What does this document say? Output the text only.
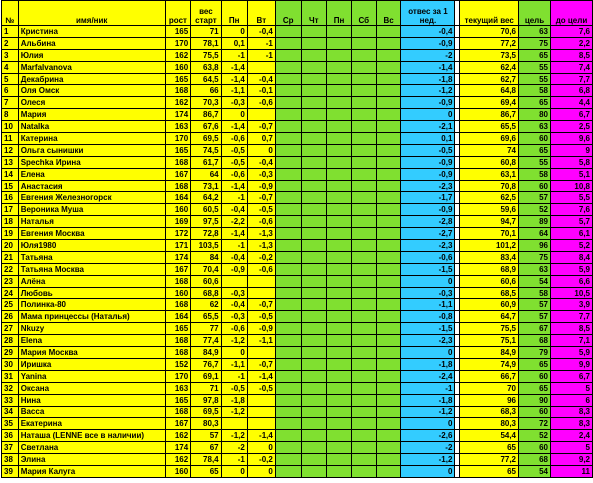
№	имя/ник	рост	вес старт	Пн	Вт	Ср	Чт	Пн	Сб	Вс	отвес за 1 нед.		текущий вес	цель	до цели
1	Кристина	165	71	0	-0,4						-0,4		70,6	63	7,6
2	Альбина	170	78,1	0,1	-1						-0,9		77,2	75	2,2
3	Юлия	162	75,5	-1	-1						-2		73,5	65	8,5
4	Marfalvanova	160	63,8	-1,4							-1,4		62,4	55	7,4
5	Декабрина	165	64,5	-1,4	-0,4						-1,8		62,7	55	7,7
6	Оля Омск	168	66	-1,1	-0,1						-1,2		64,8	58	6,8
7	Олеся	162	70,3	-0,3	-0,6						-0,9		69,4	65	4,4
8	Мария	174	86,7	0							0		86,7	80	6,7
10	Natalka	163	67,6	-1,4	-0,7						-2,1		65,5	63	2,5
11	Катерина	170	69,5	-0,6	0,7						0,1		69,6	60	9,6
12	Ольга сынишки	165	74,5	-0,5	0						-0,5		74	65	9
13	Spechka Ирина	168	61,7	-0,5	-0,4						-0,9		60,8	55	5,8
14	Елена	167	64	-0,6	-0,3						-0,9		63,1	58	5,1
15	Анастасия	168	73,1	-1,4	-0,9						-2,3		70,8	60	10,8
16	Евгения Железногорск	164	64,2	-1	-0,7						-1,7		62,5	57	5,5
17	Вероника Муша	160	60,5	-0,4	-0,5						-0,9		59,6	52	7,6
18	Наталья	169	97,5	-2,2	-0,6						-2,8		94,7	89	5,7
19	Евгения Москва	172	72,8	-1,4	-1,3						-2,7		70,1	64	6,1
20	Юля1980	171	103,5	-1	-1,3						-2,3		101,2	96	5,2
21	Татьяна	174	84	-0,4	-0,2						-0,6		83,4	75	8,4
22	Татьяна Москва	167	70,4	-0,9	-0,6						-1,5		68,9	63	5,9
23	Алёна	168	60,6								0		60,6	54	6,6
24	Любовь	160	68,8	-0,3							-0,3		68,5	58	10,5
25	Полинка-80	168	62	-0,4	-0,7						-1,1		60,9	57	3,9
26	Мама принцессы (Наталья)	164	65,5	-0,3	-0,5						-0,8		64,7	57	7,7
27	Nkuzy	165	77	-0,6	-0,9						-1,5		75,5	67	8,5
28	Elena	168	77,4	-1,2	-1,1						-2,3		75,1	68	7,1
29	Мария Москва	168	84,9	0							0		84,9	79	5,9
30	Иришка	152	76,7	-1,1	-0,7						-1,8		74,9	65	9,9
31	Yanina	170	69,1	-1	-1,4						-2,4		66,7	60	6,7
32	Оксана	163	71	-0,5	-0,5						-1		70	65	5
33	Нина	165	97,8	-1,8							-1,8		96	90	6
34	Васса	168	69,5	-1,2							-1,2		68,3	60	8,3
35	Екатерина	167	80,3								0		80,3	72	8,3
36	Наташа (LENNE все в наличии)	162	57	-1,2	-1,4						-2,6		54,4	52	2,4
37	Светлана	174	67	-2	0						-2		65	60	5
38	Элина	162	78,4	-1	-0,2						-1,2		77,2	68	9,2
39	Мария Калуга	160	65	0	0						0		65	54	11
